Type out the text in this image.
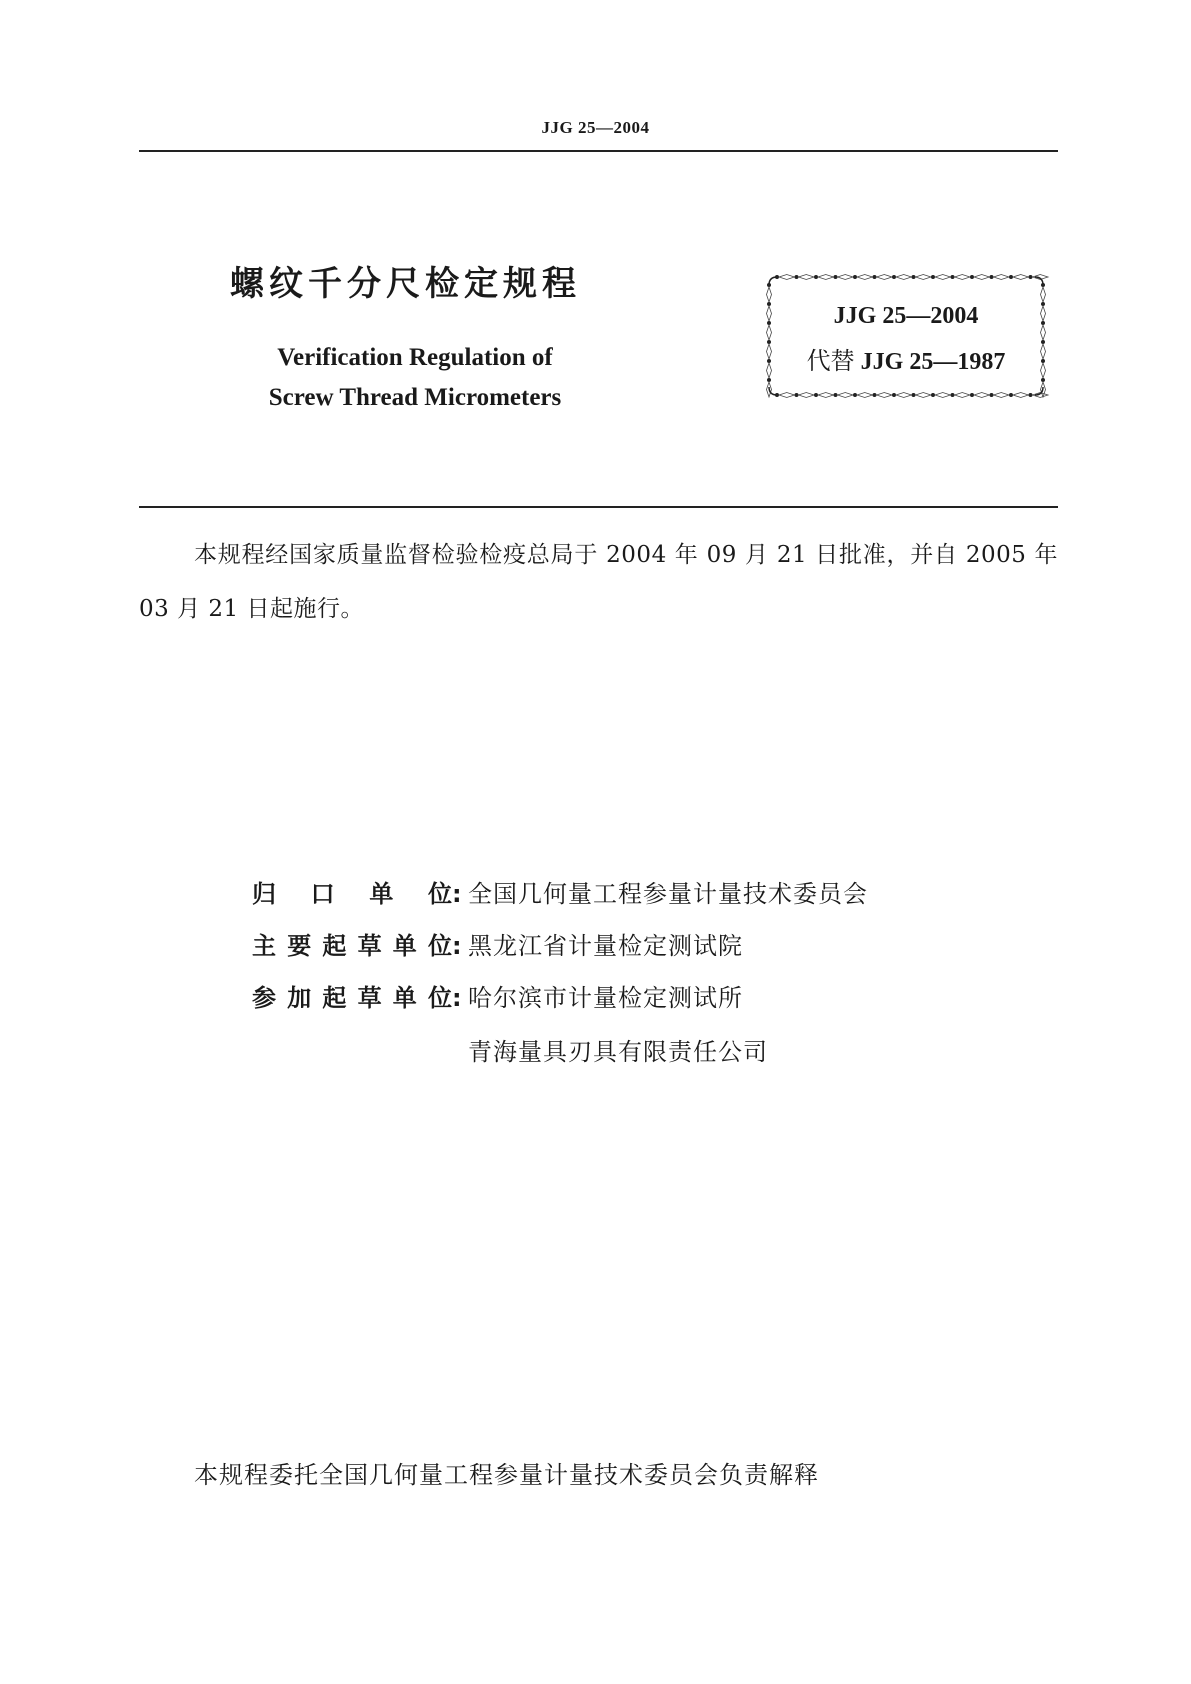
JJG 25—2004
螺纹千分尺检定规程
Verification Regulation of
Screw Thread Micrometers
JJG 25—2004
代替 JJG 25—1987
本规程经国家质量监督检验检疫总局于 2004 年 09 月 21 日批准，并自 2005 年 03 月 21 日起施行。
归口单位: 全国几何量工程参量计量技术委员会
主要起草单位: 黑龙江省计量检定测试院
参加起草单位: 哈尔滨市计量检定测试所
青海量具刃具有限责任公司
本规程委托全国几何量工程参量计量技术委员会负责解释
